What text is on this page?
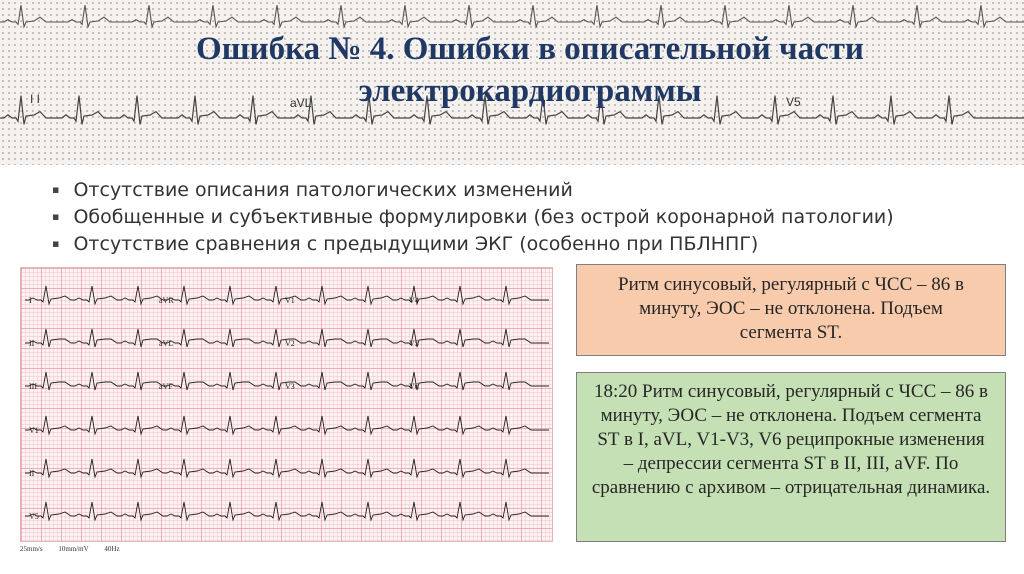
I I	aVL	V5
Ошибка № 4. Ошибки в описательной части
электрокардиограммы
▪ Отсутствие описания патологических изменений
▪ Обобщенные и субъективные формулировки (без острой коронарной патологии)
▪ Отсутствие сравнения с предыдущими ЭКГ (особенно при ПБЛНПГ)
I	aVR	V1	V4
II	aVL	V2	V5
III	aVF	V3	V6
V1
II
V5
25mm/s 10mm/mV 40Hz
Ритм синусовый, регулярный с ЧСС – 86 в минуту, ЭОС – не отклонена. Подъем сегмента ST.
18:20 Ритм синусовый, регулярный с ЧСС – 86 в минуту, ЭОС – не отклонена. Подъем сегмента ST в I, aVL, V1-V3, V6 реципрокные изменения – депрессии сегмента ST в II, III, aVF. По сравнению с архивом – отрицательная динамика.
